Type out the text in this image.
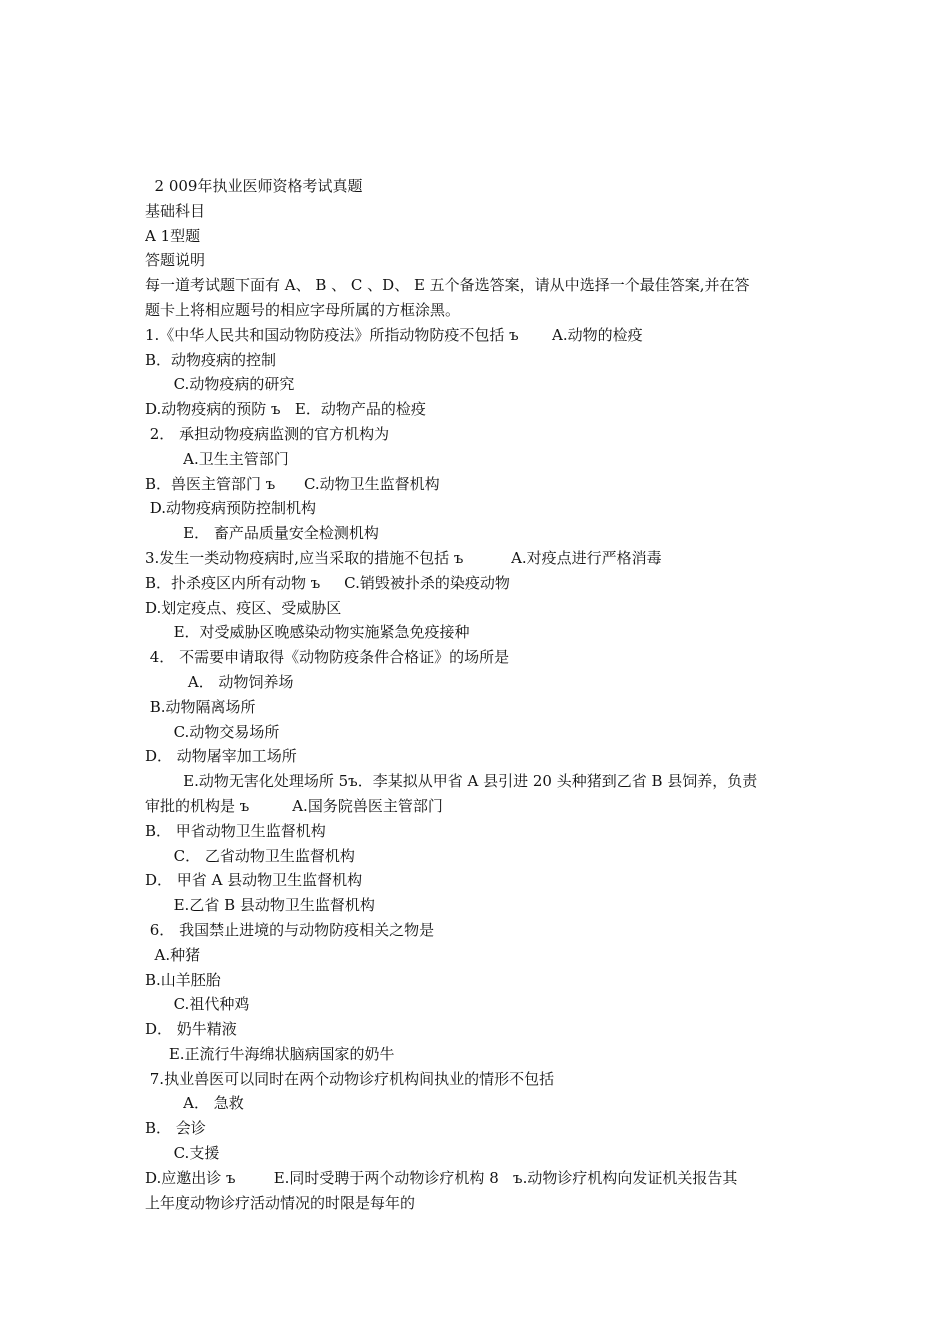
2 009年执业医师资格考试真题
基础科目
A 1型题
答题说明
每一道考试题下面有 A、 B 、 C 、D、 E 五个备选答案，请从中选择一个最佳答案,并在答
题卡上将相应题号的相应字母所属的方框涂黑。
1.《中华人民共和国动物防疫法》所指动物防疫不包括 ъ       A.动物的检疫
B．动物疫病的控制
C.动物疫病的研究
D.动物疫病的预防 ъ   E．动物产品的检疫
2． 承担动物疫病监测的官方机构为
A.卫生主管部门
B．兽医主管部门 ъ      C.动物卫生监督机构
D.动物疫病预防控制机构
E． 畜产品质量安全检测机构
3.发生一类动物疫病时,应当采取的措施不包括 ъ          A.对疫点进行严格消毒
B．扑杀疫区内所有动物 ъ     C.销毁被扑杀的染疫动物
D.划定疫点、疫区、受威胁区
E．对受威胁区晚感染动物实施紧急免疫接种
4． 不需要申请取得《动物防疫条件合格证》的场所是
A． 动物饲养场
B.动物隔离场所
C.动物交易场所
D． 动物屠宰加工场所
E.动物无害化处理场所 5ъ．李某拟从甲省 A 县引进 20 头种猪到乙省 B 县饲养，负责
审批的机构是 ъ         A.国务院兽医主管部门
B． 甲省动物卫生监督机构
C． 乙省动物卫生监督机构
D． 甲省 A 县动物卫生监督机构
E.乙省 B 县动物卫生监督机构
6． 我国禁止进境的与动物防疫相关之物是
A.种猪
B.山羊胚胎
C.祖代种鸡
D． 奶牛精液
E.正流行牛海绵状脑病国家的奶牛
7.执业兽医可以同时在两个动物诊疗机构间执业的情形不包括
A． 急救
B． 会诊
C.支援
D.应邀出诊 ъ        E.同时受聘于两个动物诊疗机构 8   ъ.动物诊疗机构向发证机关报告其
上年度动物诊疗活动情况的时限是每年的
